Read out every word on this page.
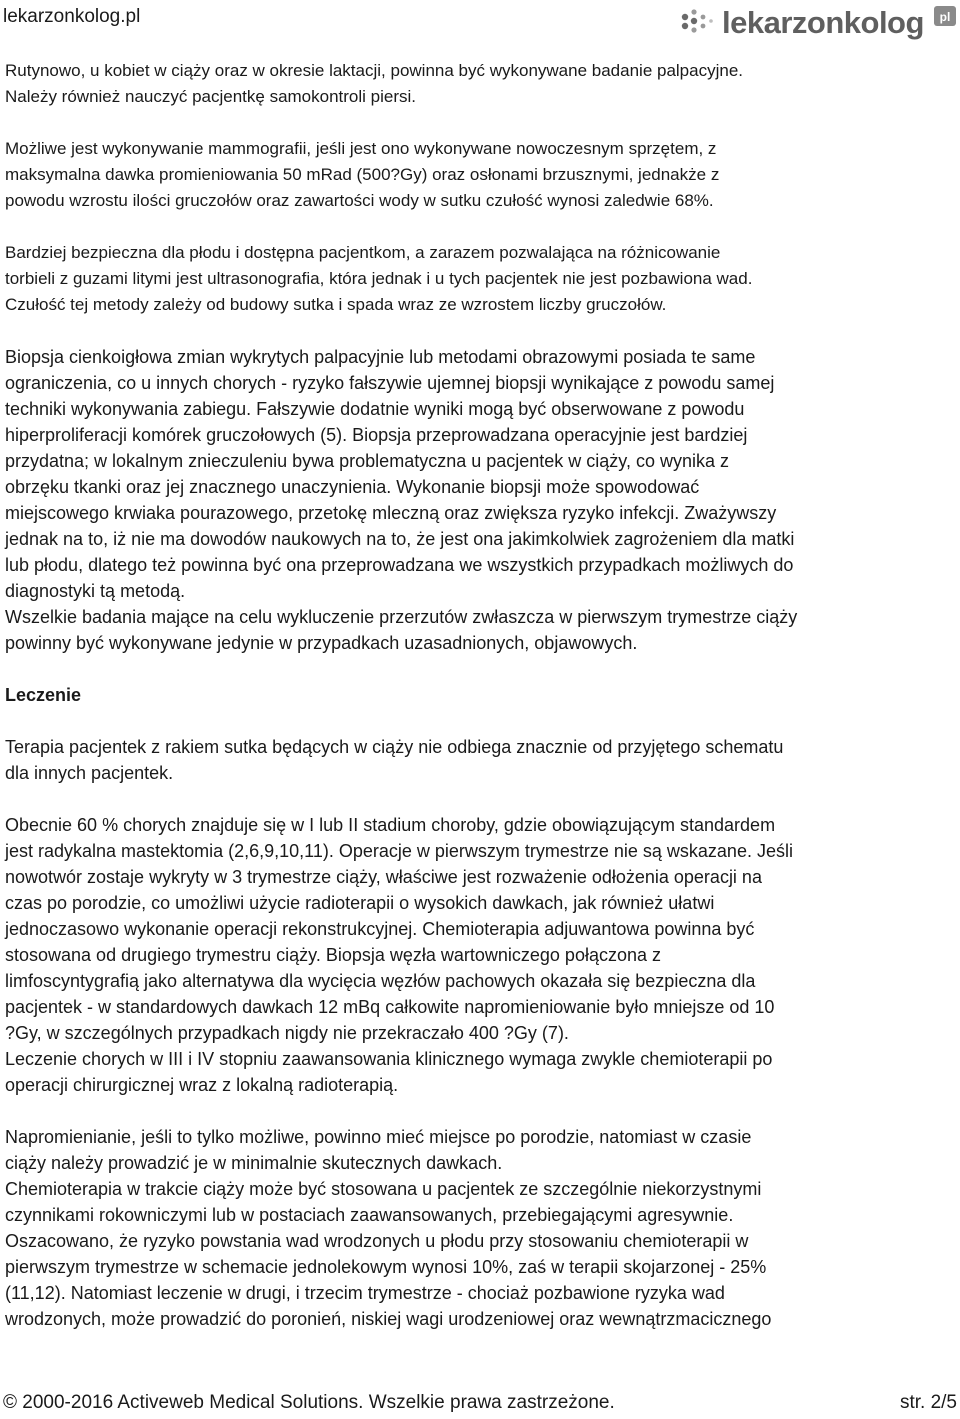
lekarzonkolog.pl	lekarzonkolog pl

Rutynowo, u kobiet w ciąży oraz w okresie laktacji, powinna być wykonywane badanie palpacyjne.
Należy również nauczyć pacjentkę samokontroli piersi.

Możliwe jest wykonywanie mammografii, jeśli jest ono wykonywane nowoczesnym sprzętem, z
maksymalna dawka promieniowania 50 mRad (500?Gy) oraz osłonami brzusznymi, jednakże z
powodu wzrostu ilości gruczołów oraz zawartości wody w sutku czułość wynosi zaledwie 68%.

Bardziej bezpieczna dla płodu i dostępna pacjentkom, a zarazem pozwalająca na różnicowanie
torbieli z guzami litymi jest ultrasonografia, która jednak i u tych pacjentek nie jest pozbawiona wad.
Czułość tej metody zależy od budowy sutka i spada wraz ze wzrostem liczby gruczołów.

Biopsja cienkoigłowa zmian wykrytych palpacyjnie lub metodami obrazowymi posiada te same
ograniczenia, co u innych chorych - ryzyko fałszywie ujemnej biopsji wynikające z powodu samej
techniki wykonywania zabiegu. Fałszywie dodatnie wyniki mogą być obserwowane z powodu
hiperproliferacji komórek gruczołowych (5). Biopsja przeprowadzana operacyjnie jest bardziej
przydatna; w lokalnym znieczuleniu bywa problematyczna u pacjentek w ciąży, co wynika z
obrzęku tkanki oraz jej znacznego unaczynienia. Wykonanie biopsji może spowodować
miejscowego krwiaka pourazowego, przetokę mleczną oraz zwiększa ryzyko infekcji. Zważywszy
jednak na to, iż nie ma dowodów naukowych na to, że jest ona jakimkolwiek zagrożeniem dla matki
lub płodu, dlatego też powinna być ona przeprowadzana we wszystkich przypadkach możliwych do
diagnostyki tą metodą.
Wszelkie badania mające na celu wykluczenie przerzutów zwłaszcza w pierwszym trymestrze ciąży
powinny być wykonywane jedynie w przypadkach uzasadnionych, objawowych.

Leczenie

Terapia pacjentek z rakiem sutka będących w ciąży nie odbiega znacznie od przyjętego schematu
dla innych pacjentek.

Obecnie 60 % chorych znajduje się w I lub II stadium choroby, gdzie obowiązującym standardem
jest radykalna mastektomia (2,6,9,10,11). Operacje w pierwszym trymestrze nie są wskazane. Jeśli
nowotwór zostaje wykryty w 3 trymestrze ciąży, właściwe jest rozważenie odłożenia operacji na
czas po porodzie, co umożliwi użycie radioterapii o wysokich dawkach, jak również ułatwi
jednoczasowo wykonanie operacji rekonstrukcyjnej. Chemioterapia adjuwantowa powinna być
stosowana od drugiego trymestru ciąży. Biopsja węzła wartowniczego połączona z
limfoscyntygrafią jako alternatywa dla wycięcia węzłów pachowych okazała się bezpieczna dla
pacjentek - w standardowych dawkach 12 mBq całkowite napromieniowanie było mniejsze od 10
?Gy, w szczególnych przypadkach nigdy nie przekraczało 400 ?Gy (7).
Leczenie chorych w III i IV stopniu zaawansowania klinicznego wymaga zwykle chemioterapii po
operacji chirurgicznej wraz z lokalną radioterapią.

Napromienianie, jeśli to tylko możliwe, powinno mieć miejsce po porodzie, natomiast w czasie
ciąży należy prowadzić je w minimalnie skutecznych dawkach.
Chemioterapia w trakcie ciąży może być stosowana u pacjentek ze szczególnie niekorzystnymi
czynnikami rokowniczymi lub w postaciach zaawansowanych, przebiegającymi agresywnie.
Oszacowano, że ryzyko powstania wad wrodzonych u płodu przy stosowaniu chemioterapii w
pierwszym trymestrze w schemacie jednolekowym wynosi 10%, zaś w terapii skojarzonej - 25%
(11,12). Natomiast leczenie w drugi, i trzecim trymestrze - chociaż pozbawione ryzyka wad
wrodzonych, może prowadzić do poronień, niskiej wagi urodzeniowej oraz wewnątrzmacicznego

© 2000-2016 Activeweb Medical Solutions. Wszelkie prawa zastrzeżone.	str. 2/5
